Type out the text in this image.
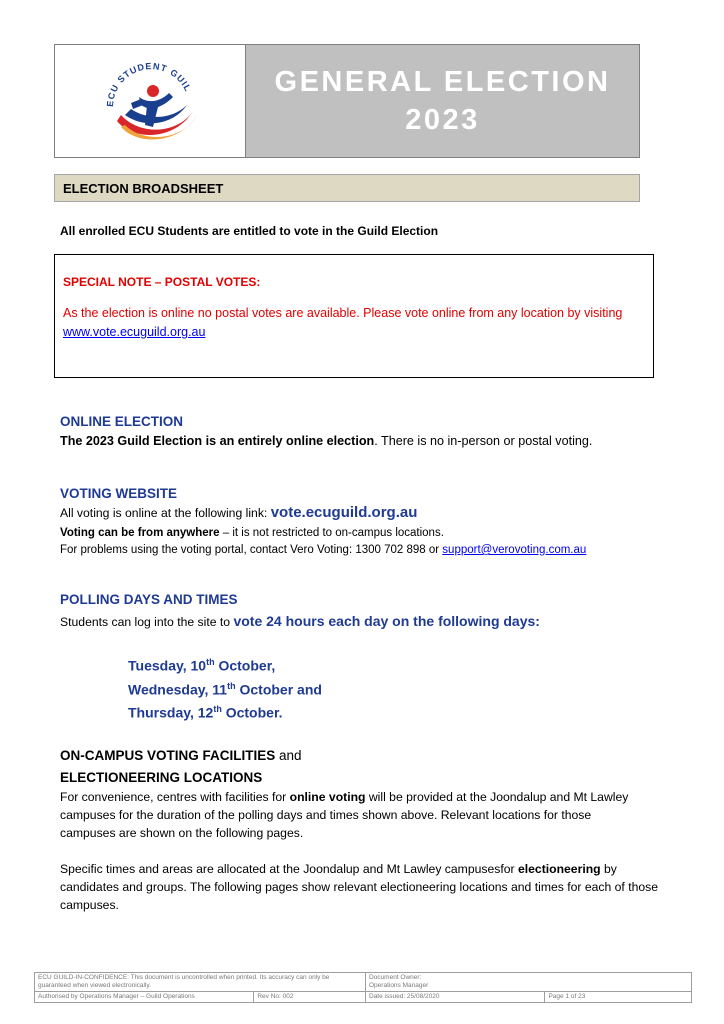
ECU STUDENT GUIL	GENERAL ELECTION
2023
ELECTION BROADSHEET
All enrolled ECU Students are entitled to vote in the Guild Election
SPECIAL NOTE – POSTAL VOTES:
As the election is online no postal votes are available. Please vote online from any location by visiting www.vote.ecuguild.org.au
ONLINE ELECTION
The 2023 Guild Election is an entirely online election. There is no in-person or postal voting.
VOTING WEBSITE
All voting is online at the following link: vote.ecuguild.org.au
Voting can be from anywhere – it is not restricted to on-campus locations.
For problems using the voting portal, contact Vero Voting: 1300 702 898 or support@verovoting.com.au
POLLING DAYS AND TIMES
Students can log into the site to vote 24 hours each day on the following days:
Tuesday, 10th October,
Wednesday, 11th October and
Thursday, 12th October.
ON-CAMPUS VOTING FACILITIES and
ELECTIONEERING LOCATIONS
For convenience, centres with facilities for online voting will be provided at the Joondalup and Mt Lawley campuses for the duration of the polling days and times shown above. Relevant locations for those campuses are shown on the following pages.
Specific times and areas are allocated at the Joondalup and Mt Lawley campusesfor electioneering by candidates and groups. The following pages show relevant electioneering locations and times for each of those campuses.
ECU GUILD-IN-CONFIDENCE: This document is uncontrolled when printed. Its accuracy can only be guaranteed when viewed electronically.
Document Owner:
Operations Manager
Authorised by Operations Manager – Guild Operations	Rev No: 002	Date issued: 25/08/2020	Page 1 of 23
